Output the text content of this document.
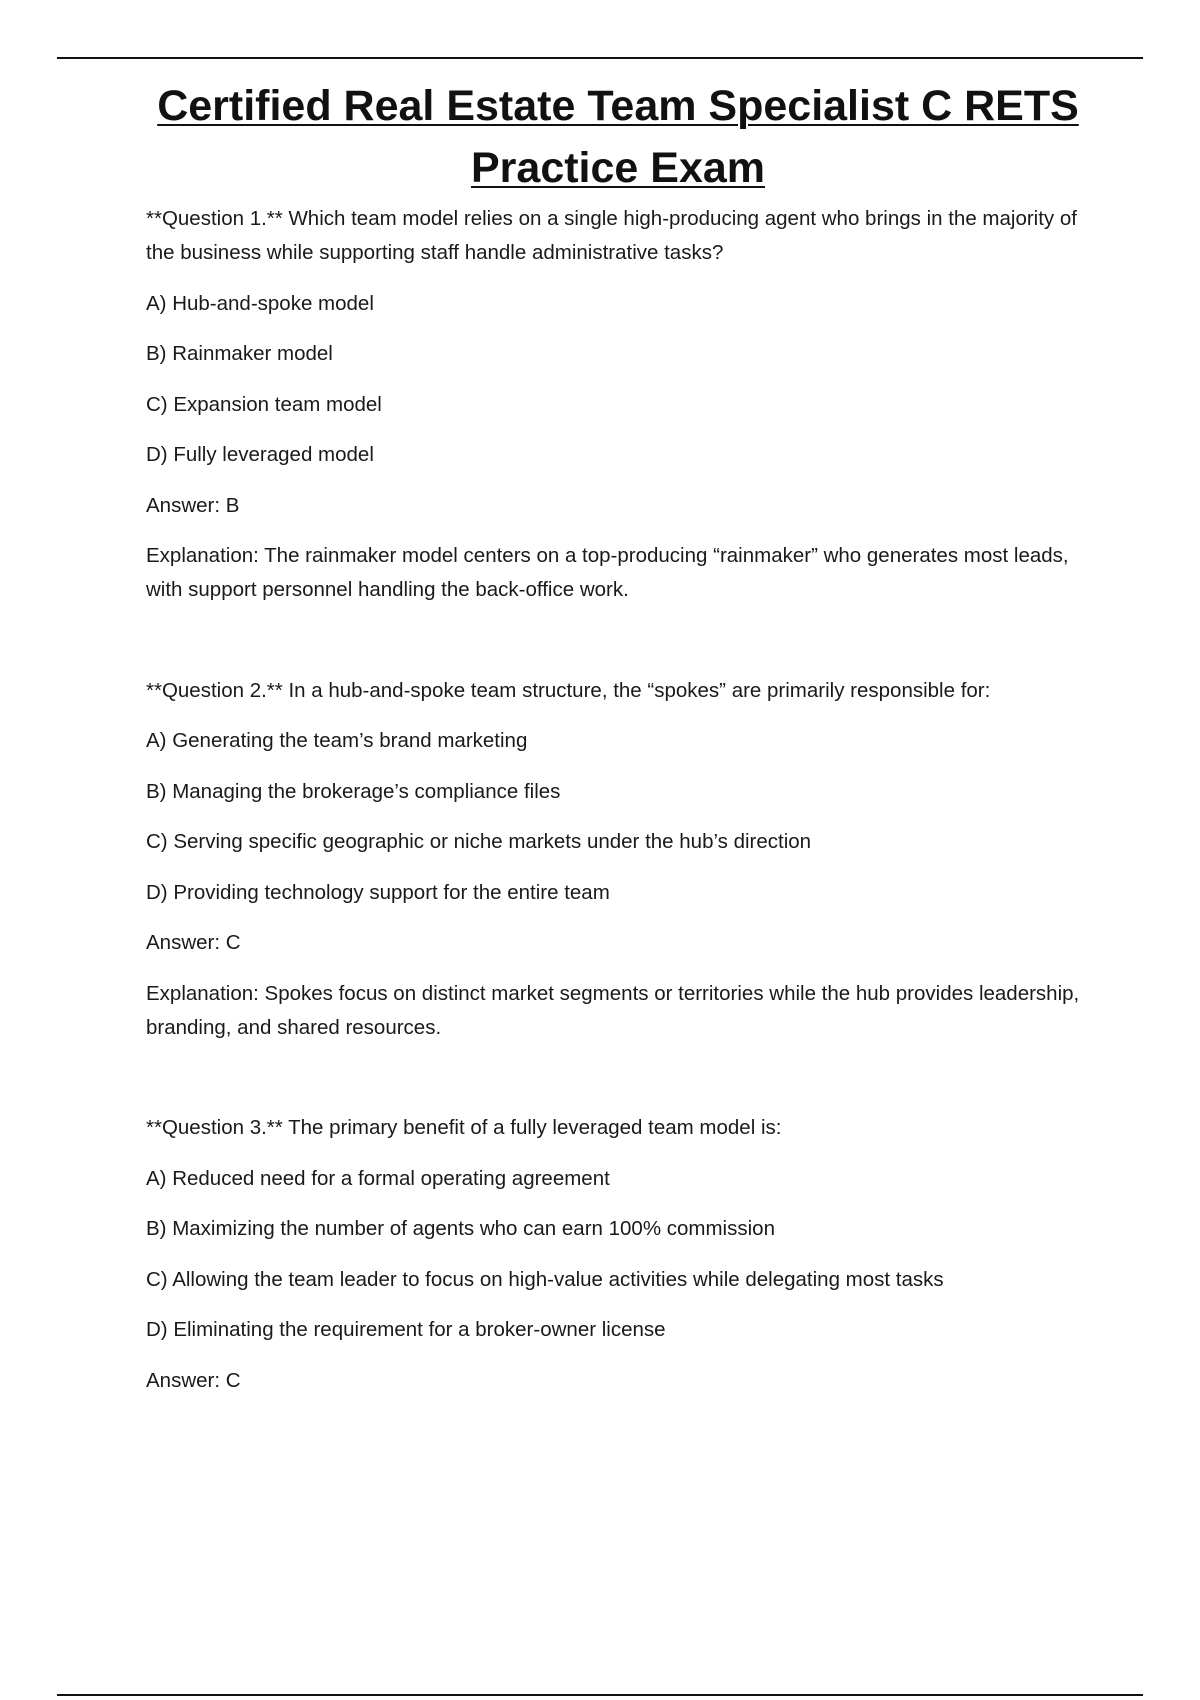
Certified Real Estate Team Specialist C RETS
Practice Exam

**Question 1.** Which team model relies on a single high-producing agent who brings in the majority of the business while supporting staff handle administrative tasks?

A) Hub-and-spoke model

B) Rainmaker model

C) Expansion team model

D) Fully leveraged model

Answer: B

Explanation: The rainmaker model centers on a top-producing “rainmaker” who generates most leads, with support personnel handling the back-office work.

**Question 2.** In a hub-and-spoke team structure, the “spokes” are primarily responsible for:

A) Generating the team’s brand marketing

B) Managing the brokerage’s compliance files

C) Serving specific geographic or niche markets under the hub’s direction

D) Providing technology support for the entire team

Answer: C

Explanation: Spokes focus on distinct market segments or territories while the hub provides leadership, branding, and shared resources.

**Question 3.** The primary benefit of a fully leveraged team model is:

A) Reduced need for a formal operating agreement

B) Maximizing the number of agents who can earn 100% commission

C) Allowing the team leader to focus on high-value activities while delegating most tasks

D) Eliminating the requirement for a broker-owner license

Answer: C
